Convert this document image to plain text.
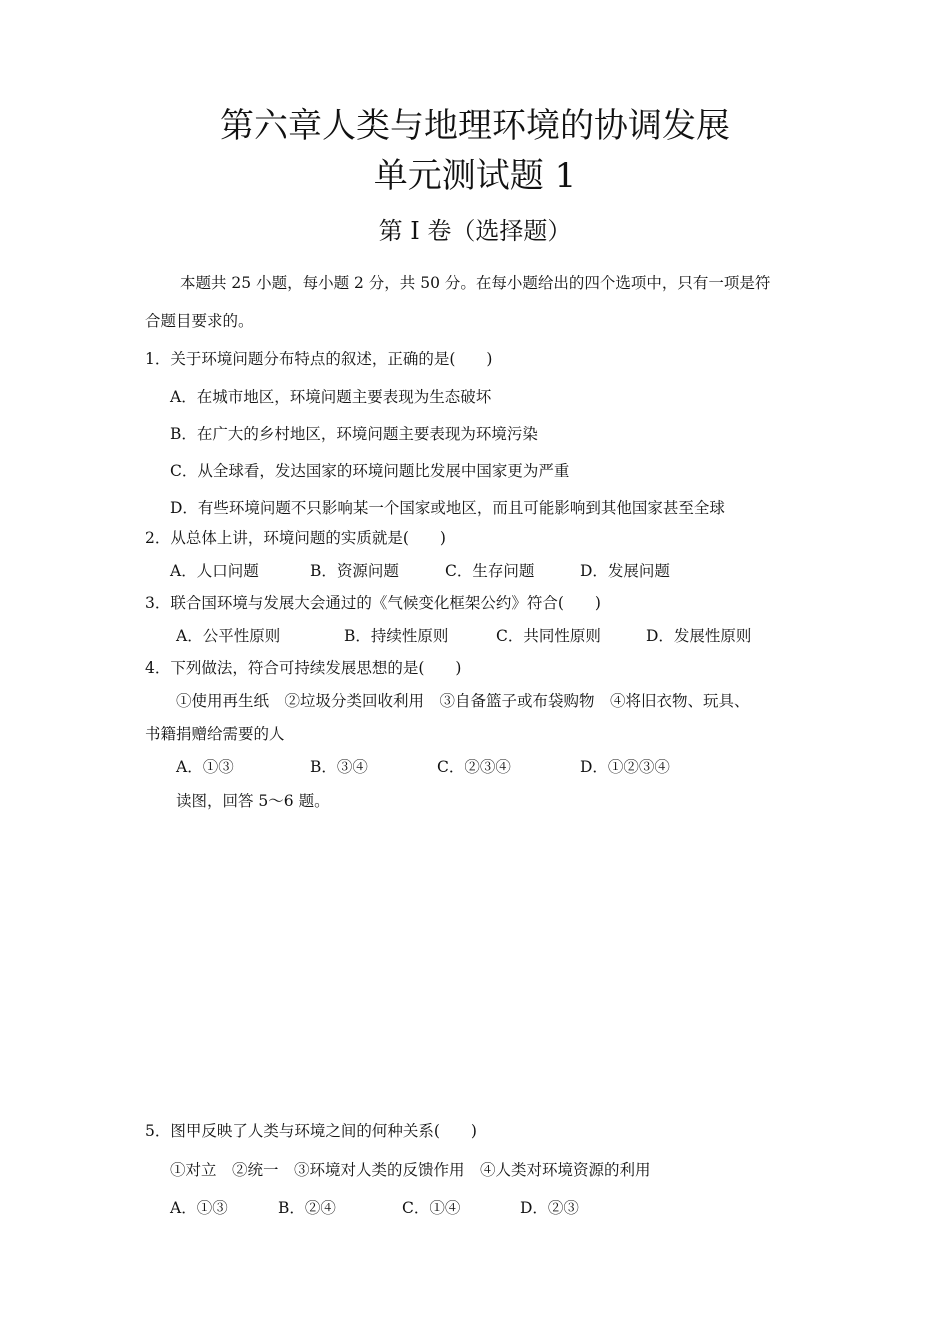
第六章人类与地理环境的协调发展
单元测试题 1
第 I 卷（选择题）
本题共 25 小题，每小题 2 分，共 50 分。在每小题给出的四个选项中，只有一项是符
合题目要求的。
1．关于环境问题分布特点的叙述，正确的是(　　)
A．在城市地区，环境问题主要表现为生态破坏
B．在广大的乡村地区，环境问题主要表现为环境污染
C．从全球看，发达国家的环境问题比发展中国家更为严重
D．有些环境问题不只影响某一个国家或地区，而且可能影响到其他国家甚至全球
2．从总体上讲，环境问题的实质就是(　　)
A．人口问题	B．资源问题	C．生存问题	D．发展问题
3．联合国环境与发展大会通过的《气候变化框架公约》符合(　　)
A．公平性原则	B．持续性原则	C．共同性原则	D．发展性原则
4．下列做法，符合可持续发展思想的是(　　)
①使用再生纸　②垃圾分类回收利用　③自备篮子或布袋购物　④将旧衣物、玩具、
书籍捐赠给需要的人
A．①③	B．③④	C．②③④	D．①②③④
读图，回答 5～6 题。
5．图甲反映了人类与环境之间的何种关系(　　)
①对立　②统一　③环境对人类的反馈作用　④人类对环境资源的利用
A．①③	B．②④	C．①④	D．②③
